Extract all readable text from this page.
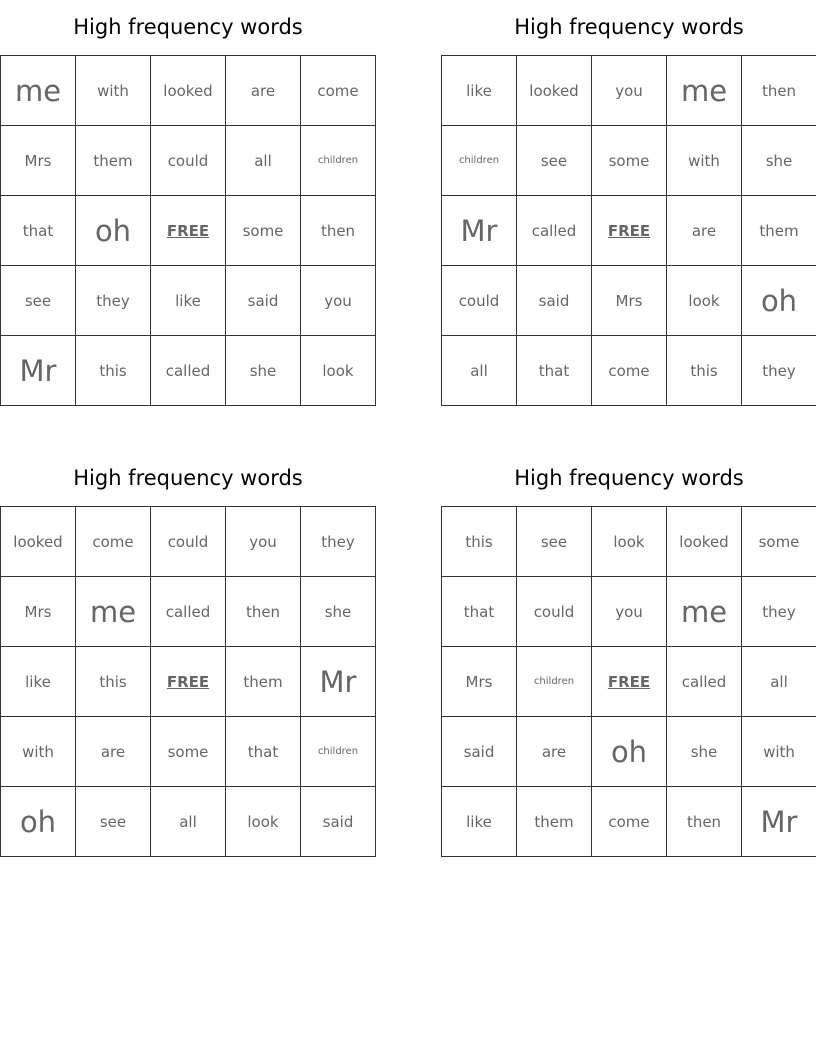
High frequency words
me	with	looked	are	come
Mrs	them	could	all	children
that	oh	FREE	some	then
see	they	like	said	you
Mr	this	called	she	look
High frequency words
like	looked	you	me	then
children	see	some	with	she
Mr	called	FREE	are	them
could	said	Mrs	look	oh
all	that	come	this	they
High frequency words
looked	come	could	you	they
Mrs	me	called	then	she
like	this	FREE	them	Mr
with	are	some	that	children
oh	see	all	look	said
High frequency words
this	see	look	looked	some
that	could	you	me	they
Mrs	children	FREE	called	all
said	are	oh	she	with
like	them	come	then	Mr
